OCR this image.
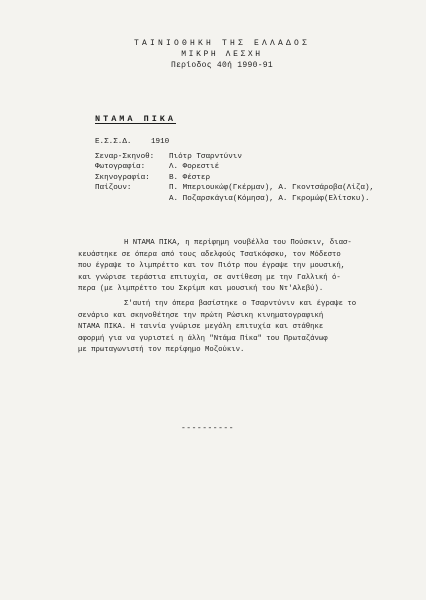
ΤΑΙΝΙΟΘΗΚΗ ΤΗΣ ΕΛΛΑΔΟΣ
ΜΙΚΡΗ ΛΕΣΧΗ
Περίοδος 40ή 1990-91
ΝΤΑΜΑ ΠΙΚΑ
Ε.Σ.Σ.Δ.	1910
Σεναρ-Σκηνοθ:	Πιότρ Τσαρντύνιν
Φωτογραφία:	Λ. Φορεστιέ
Σκηνογραφία:	Β. Φέστερ
Παίζουν:	Π. Μπεριουκώφ(Γκέρμαν), Α. Γκοντσάροβα(Λίζα),
Α. Ποζαρσκάγια(Κόμησα), Α. Γκρομώφ(Ελίτσκυ).

Η ΝΤΑΜΑ ΠΙΚΑ, η περίφημη νουβέλλα του Πούσκιν, διασ-
κευάστηκε σε όπερα από τους αδελφούς Τσαϊκόφσκυ, τον Μόδεστο
που έγραψε το λιμπρέττο και τον Πιότρ που έγραψε την μουσική,
και γνώρισε τεράστια επιτυχία, σε αντίθεση με την Γαλλική ό-
περα (με λιμπρέττο του Σκρίμπ και μουσική του Ντ'Αλεβύ).

Σ'αυτή την όπερα βασίστηκε ο Τσαρντύνιν και έγραψε το
σενάριο και σκηνοθέτησε την πρώτη Ρώσικη κινηματογραφική
ΝΤΑΜΑ ΠΙΚΑ. Η ταινία γνώρισε μεγάλη επιτυχία και στάθηκε
αφορμή για να γυριστεί η άλλη "Ντάμα Πίκα" του Πρωταζάνωφ
με πρωταγωνιστή τον περίφημο Μοζούκιν.

----------
